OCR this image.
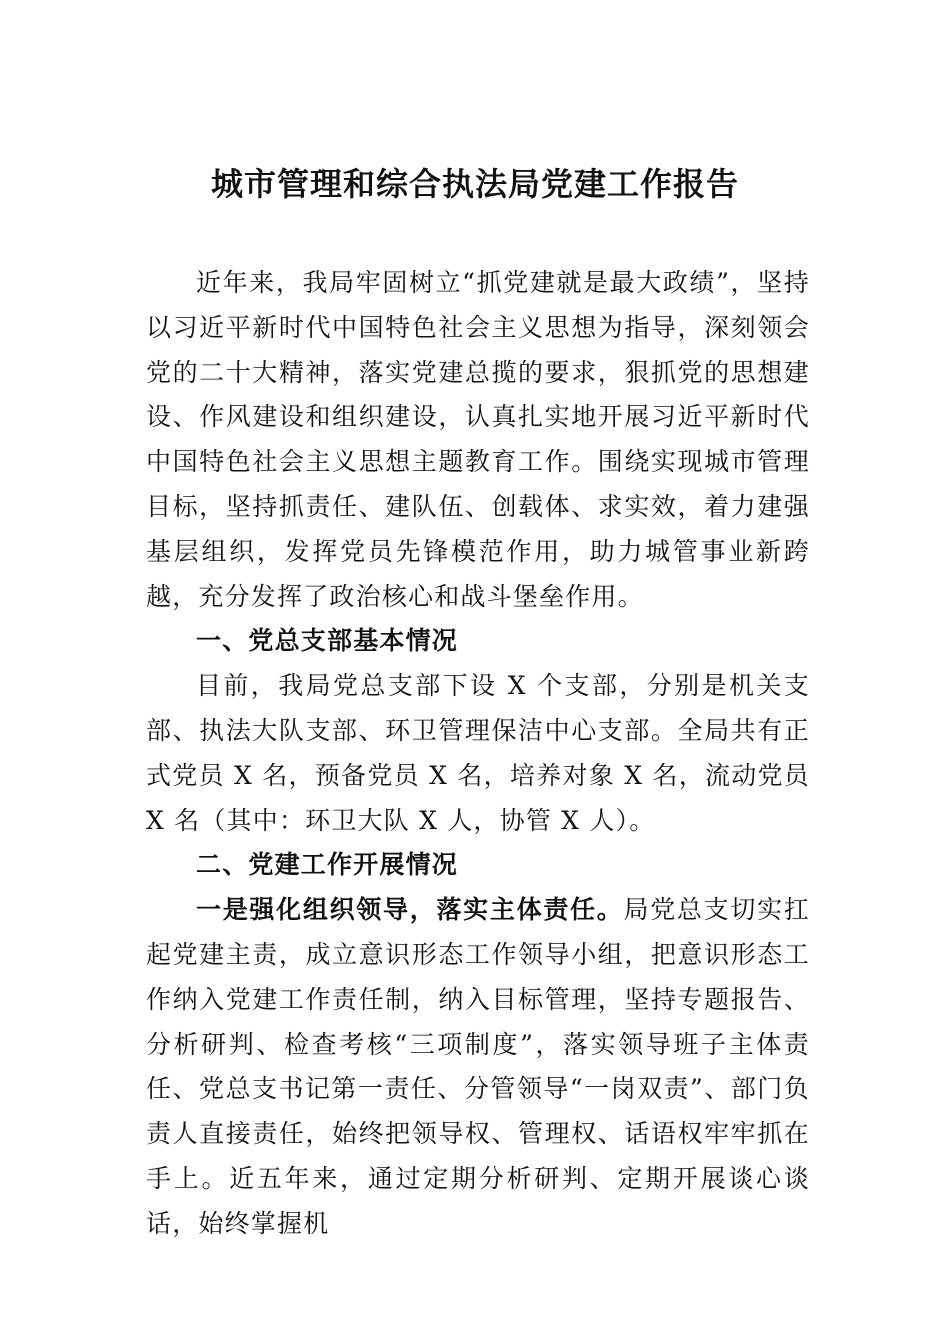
城市管理和综合执法局党建工作报告

近年来，我局牢固树立“抓党建就是最大政绩”，坚持以习近平新时代中国特色社会主义思想为指导，深刻领会党的二十大精神，落实党建总揽的要求，狠抓党的思想建设、作风建设和组织建设，认真扎实地开展习近平新时代中国特色社会主义思想主题教育工作。围绕实现城市管理目标，坚持抓责任、建队伍、创载体、求实效，着力建强基层组织，发挥党员先锋模范作用，助力城管事业新跨越，充分发挥了政治核心和战斗堡垒作用。

一、党总支部基本情况

目前，我局党总支部下设 X 个支部，分别是机关支部、执法大队支部、环卫管理保洁中心支部。全局共有正式党员 X 名，预备党员 X 名，培养对象 X 名，流动党员 X 名（其中：环卫大队 X 人，协管 X 人）。

二、党建工作开展情况

一是强化组织领导，落实主体责任。局党总支切实扛起党建主责，成立意识形态工作领导小组，把意识形态工作纳入党建工作责任制，纳入目标管理，坚持专题报告、分析研判、检查考核“三项制度”，落实领导班子主体责任、党总支书记第一责任、分管领导“一岗双责”、部门负责人直接责任，始终把领导权、管理权、话语权牢牢抓在手上。近五年来，通过定期分析研判、定期开展谈心谈话，始终掌握机
